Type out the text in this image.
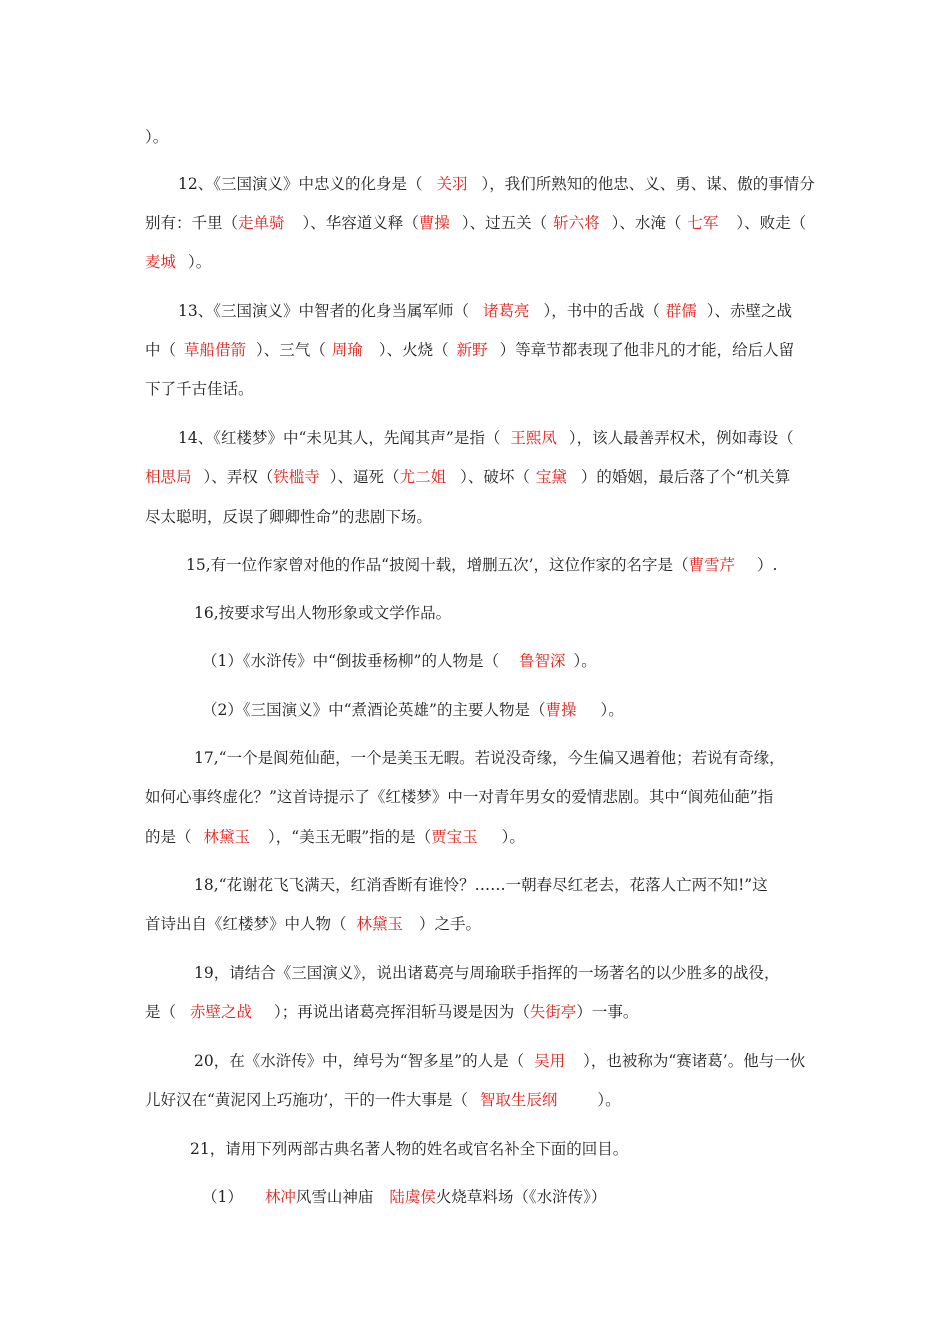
）。
12、《三国演义》中忠义的化身是（ 关羽 ），我们所熟知的他忠、义、勇、谋、傲的事情分
别有：千里（走单骑 ）、华容道义释（曹操 ）、过五关（ 斩六将 ）、水淹（ 七军 ）、败走（
麦城 ）。
13、《三国演义》中智者的化身当属军师（ 诸葛亮 ），书中的舌战（ 群儒 ）、赤壁之战
中（ 草船借箭 ）、三气（ 周瑜 ）、火烧（ 新野 ）等章节都表现了他非凡的才能，给后人留
下了千古佳话。
14、《红楼梦》中“未见其人，先闻其声”是指（ 王熙凤 ），该人最善弄权术，例如毒设（
相思局 ）、弄权（铁槛寺 ）、逼死（尤二姐 ）、破坏（ 宝黛 ）的婚姻，最后落了个“机关算
尽太聪明，反误了卿卿性命”的悲剧下场。
15,有一位作家曾对他的作品“披阅十载，增删五次’，这位作家的名字是（曹雪芹 ）.
16,按要求写出人物形象或文学作品。
（1）《水浒传》中“倒拔垂杨柳”的人物是（ 鲁智深 ）。
（2）《三国演义》中“煮酒论英雄”的主要人物是（曹操 ）。
17,“一个是阆苑仙葩，一个是美玉无暇。若说没奇缘，今生偏又遇着他；若说有奇缘，
如何心事终虚化？”这首诗提示了《红楼梦》中一对青年男女的爱情悲剧。其中“阆苑仙葩”指
的是（ 林黛玉 ），“美玉无暇”指的是（贾宝玉 ）。
18,“花谢花飞飞满天，红消香断有谁怜？……一朝春尽红老去，花落人亡两不知!”这
首诗出自《红楼梦》中人物（ 林黛玉 ）之手。
19，请结合《三国演义》，说出诸葛亮与周瑜联手指挥的一场著名的以少胜多的战役，
是（ 赤壁之战 ）；再说出诸葛亮挥泪斩马谡是因为（失街亭）一事。
20，在《水浒传》中，绰号为“智多星”的人是（ 吴用 ），也被称为“赛诸葛’。他与一伙
儿好汉在“黄泥冈上巧施功’，干的一件大事是（ 智取生辰纲	）。
21，请用下列两部古典名著人物的姓名或官名补全下面的回目。
（1） 林冲风雪山神庙 陆虞侯火烧草料场（《水浒传》）
